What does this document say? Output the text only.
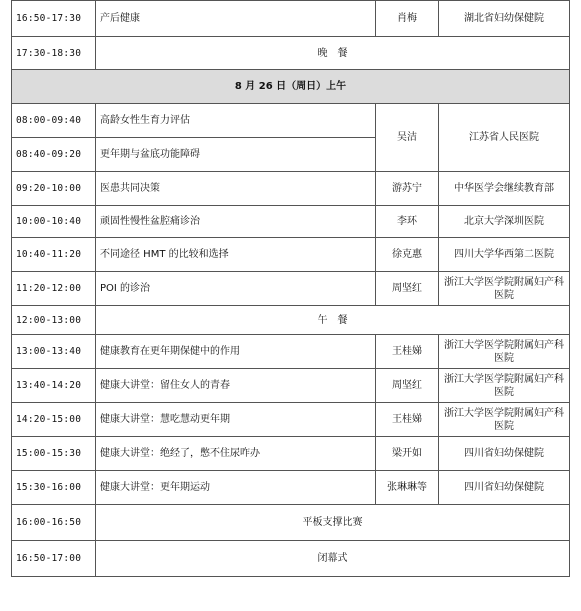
16:50-17:30	产后健康	肖梅	湖北省妇幼保健院
17:30-18:30	晚　餐		
8 月 26 日（周日）上午			
08:00-09:40	高龄女性生育力评估	吴洁	江苏省人民医院
08:40-09:20	更年期与盆底功能障碍		
09:20-10:00	医患共同决策	游苏宁	中华医学会继续教育部
10:00-10:40	顽固性慢性盆腔痛诊治	李环	北京大学深圳医院
10:40-11:20	不同途径 HMT 的比较和选择	徐克惠	四川大学华西第二医院
11:20-12:00	POI 的诊治	周坚红	浙江大学医学院附属妇产科医院
12:00-13:00	午　餐		
13:00-13:40	健康教育在更年期保健中的作用	王桂娣	浙江大学医学院附属妇产科医院
13:40-14:20	健康大讲堂：留住女人的青春	周坚红	浙江大学医学院附属妇产科医院
14:20-15:00	健康大讲堂：慧吃慧动更年期	王桂娣	浙江大学医学院附属妇产科医院
15:00-15:30	健康大讲堂：绝经了，憋不住尿咋办	梁开如	四川省妇幼保健院
15:30-16:00	健康大讲堂：更年期运动	张琳琳等	四川省妇幼保健院
16:00-16:50	平板支撑比赛		
16:50-17:00	闭幕式		
